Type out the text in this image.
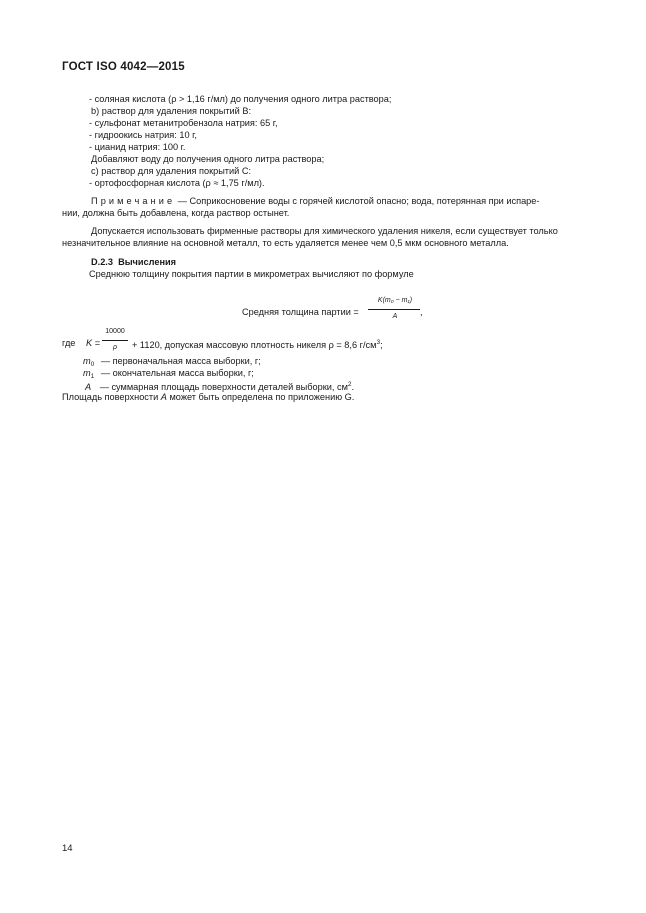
ГОСТ ISO 4042—2015
- соляная кислота (ρ > 1,16 г/мл) до получения одного литра раствора;
b) раствор для удаления покрытий В:
- сульфонат метанитробензола натрия: 65 г,
- гидроокись натрия: 10 г,
- цианид натрия: 100 г.
Добавляют воду до получения одного литра раствора;
с) раствор для удаления покрытий С:
- ортофосфорная кислота (ρ ≈ 1,75 г/мл).
Примечание — Соприкосновение воды с горячей кислотой опасно; вода, потерянная при испаре-
нии, должна быть добавлена, когда раствор остынет.
Допускается использовать фирменные растворы для химического удаления никеля, если существует только
незначительное влияние на основной металл, то есть удаляется менее чем 0,5 мкм основного металла.
D.2.3 Вычисления
Среднюю толщину покрытия партии в микрометрах вычисляют по формуле
Средняя толщина партии =
K(m₀ − m₁)
A	,
где K =
10000
ρ	+ 1120, допуская массовую плотность никеля ρ = 8,6 $г/см^3$;
$m_0$ — первоначальная масса выборки, г;
$m_1$ — окончательная масса выборки, г;
A — суммарная площадь поверхности деталей выборки, $см^2$.
Площадь поверхности A может быть определена по приложению G.
14
